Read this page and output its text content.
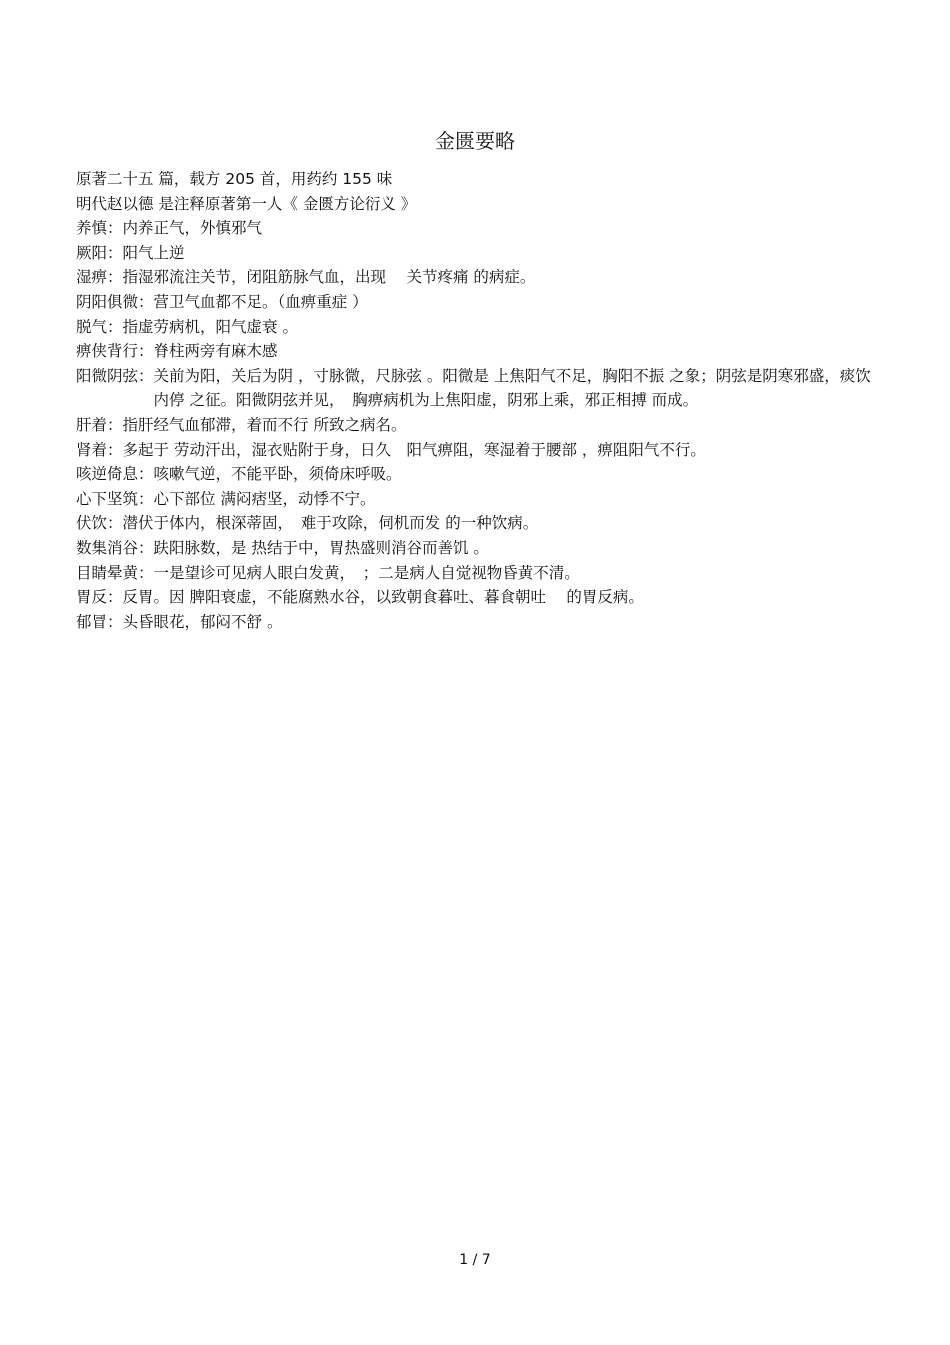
金匮要略

原著二十五 篇，载方 205 首，用药约 155 味

明代赵以德 是注释原著第一人《 金匮方论衍义 》

养慎： 内养正气，外慎邪气
厥阳： 阳气上逆
湿痹： 指湿邪流注关节，闭阻筋脉气血，出现　 关节疼痛 的病症。
阴阳俱微： 营卫气血都不足。（血痹重症 ）
脱气： 指虚劳病机，阳气虚衰 。
痹侠背行： 脊柱两旁有麻木感
阳微阴弦： 关前为阳，关后为阴 ，寸脉微，尺脉弦 。阳微是 上焦阳气不足，胸阳不振 之象；阴弦是阴寒邪盛，痰饮内停 之征。阳微阴弦并见，　胸痹病机为上焦阳虚，阴邪上乘，邪正相搏 而成。
肝着： 指肝经气血郁滞，着而不行 所致之病名。
肾着： 多起于 劳动汗出，湿衣贴附于身，日久　阳气痹阻，寒湿着于腰部 ，痹阻阳气不行。
咳逆倚息： 咳嗽气逆，不能平卧，须倚床呼吸。
心下坚筑： 心下部位 满闷痞坚，动悸不宁。
伏饮： 潜伏于体内，根深蒂固，　难于攻除，伺机而发 的一种饮病。
数集消谷： 趺阳脉数，是 热结于中，胃热盛则消谷而善饥 。
目睛晕黄： 一是望诊可见病人眼白发黄，　；二是病人自觉视物昏黄不清。
胃反： 反胃。因 脾阳衰虚，不能腐熟水谷，以致朝食暮吐、暮食朝吐　 的胃反病。
郁冒： 头昏眼花，郁闷不舒 。
1 / 7
